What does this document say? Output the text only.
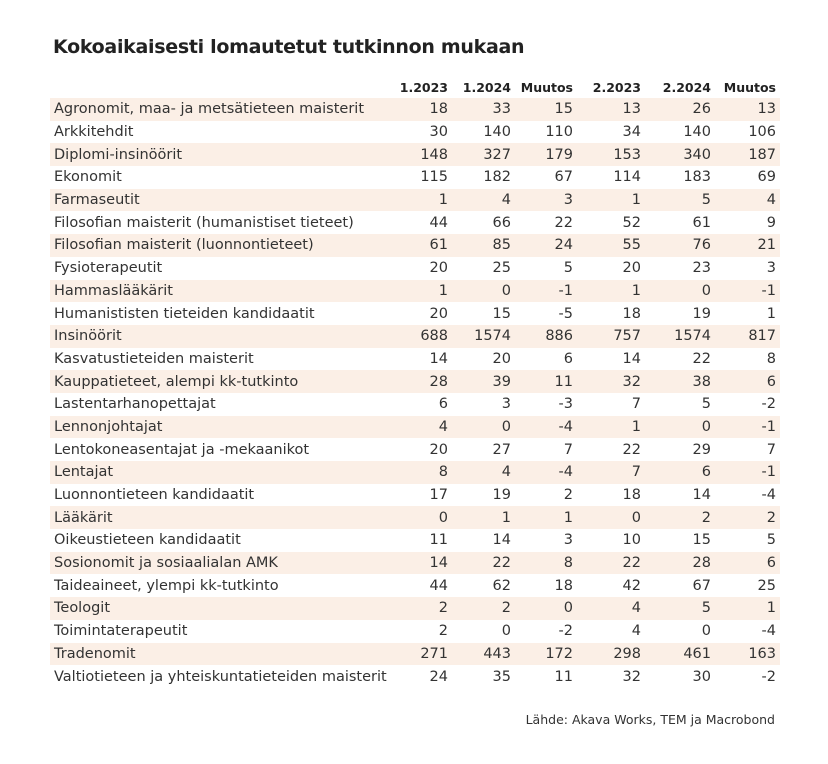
Kokoaikaisesti lomautetut tutkinnon mukaan
	1.2023	1.2024	Muutos	2.2023	2.2024	Muutos
Agronomit, maa- ja metsätieteen maisterit	18	33	15	13	26	13
Arkkitehdit	30	140	110	34	140	106
Diplomi-insinöörit	148	327	179	153	340	187
Ekonomit	115	182	67	114	183	69
Farmaseutit	1	4	3	1	5	4
Filosofian maisterit (humanistiset tieteet)	44	66	22	52	61	9
Filosofian maisterit (luonnontieteet)	61	85	24	55	76	21
Fysioterapeutit	20	25	5	20	23	3
Hammaslääkärit	1	0	-1	1	0	-1
Humanististen tieteiden kandidaatit	20	15	-5	18	19	1
Insinöörit	688	1574	886	757	1574	817
Kasvatustieteiden maisterit	14	20	6	14	22	8
Kauppatieteet, alempi kk-tutkinto	28	39	11	32	38	6
Lastentarhanopettajat	6	3	-3	7	5	-2
Lennonjohtajat	4	0	-4	1	0	-1
Lentokoneasentajat ja -mekaanikot	20	27	7	22	29	7
Lentajat	8	4	-4	7	6	-1
Luonnontieteen kandidaatit	17	19	2	18	14	-4
Lääkärit	0	1	1	0	2	2
Oikeustieteen kandidaatit	11	14	3	10	15	5
Sosionomit ja sosiaalialan AMK	14	22	8	22	28	6
Taideaineet, ylempi kk-tutkinto	44	62	18	42	67	25
Teologit	2	2	0	4	5	1
Toimintaterapeutit	2	0	-2	4	0	-4
Tradenomit	271	443	172	298	461	163
Valtiotieteen ja yhteiskuntatieteiden maisterit	24	35	11	32	30	-2
Lähde: Akava Works, TEM ja Macrobond
